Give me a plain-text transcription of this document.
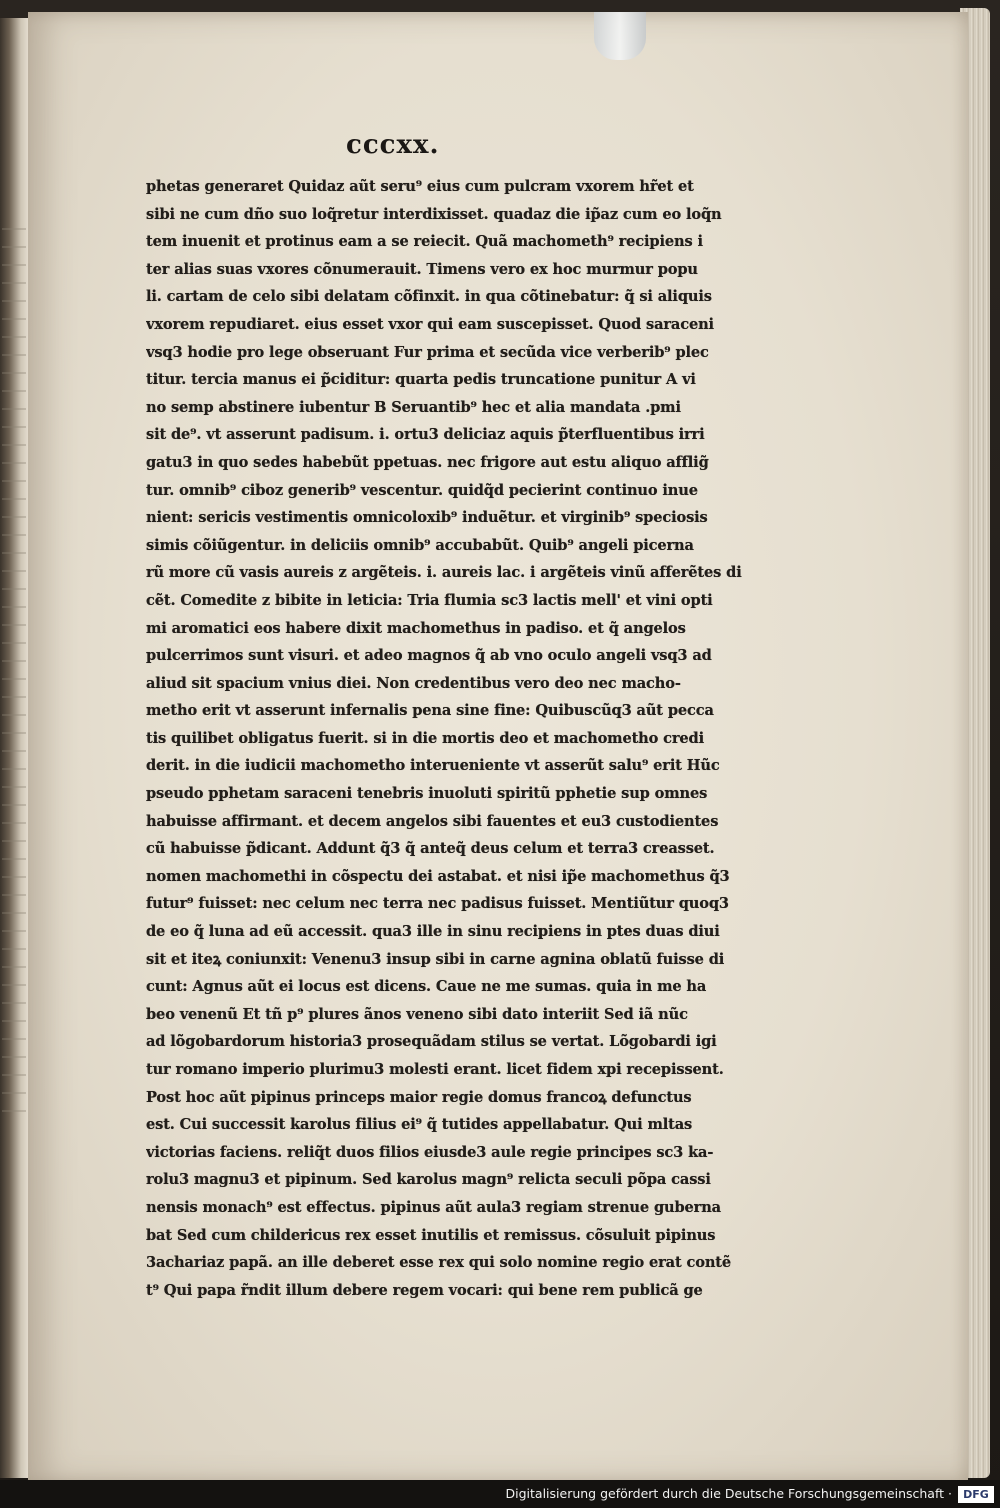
cccxx.
phetas generaret Quidaz aũt seru⁹ eius cum pulcram vxorem hr̃et et
sibi ne cum dño suo loq̃retur interdixisset. quadaz die ip̃az cum eo loq̃n
tem inuenit et protinus eam a se reiecit. Quã machometh⁹ recipiens i
ter alias suas vxores cõnumerauit. Timens vero ex hoc murmur popu
li. cartam de celo sibi delatam cõfinxit. in qua cõtinebatur: q̃ si aliquis
vxorem repudiaret. eius esset vxor qui eam suscepisset. Quod saraceni
vsq3 hodie pro lege obseruant Fur prima et secũda vice verberib⁹ plec
titur. tercia manus ei p̃ciditur: quarta pedis truncatione punitur A vi
no semp abstinere iubentur B Seruantib⁹ hec et alia mandata .pmi
sit de⁹. vt asserunt padisum. i. ortu3 deliciaz aquis p̃terfluentibus irri
gatu3 in quo sedes habebũt ppetuas. nec frigore aut estu aliquo afflig̃
tur. omnib⁹ ciboz generib⁹ vescentur. quidq̃d pecierint continuo inue
nient: sericis vestimentis omnicoloxib⁹ induẽtur. et virginib⁹ speciosis
simis cõiũgentur. in deliciis omnib⁹ accubabũt. Quib⁹ angeli picerna
rũ more cũ vasis aureis z argẽteis. i. aureis lac. i argẽteis vinũ afferẽtes di
cẽt. Comedite z bibite in leticia: Tria flumia sc3 lactis mell' et vini opti
mi aromatici eos habere dixit machomethus in padiso. et q̃ angelos
pulcerrimos sunt visuri. et adeo magnos q̃ ab vno oculo angeli vsq3 ad
aliud sit spacium vnius diei. Non credentibus vero deo nec macho-
metho erit vt asserunt infernalis pena sine fine: Quibuscũq3 aũt pecca
tis quilibet obligatus fuerit. si in die mortis deo et machometho credi
derit. in die iudicii machometho interueniente vt asserũt salu⁹ erit Hũc
pseudo pphetam saraceni tenebris inuoluti spiritũ pphetie sup omnes
habuisse affirmant. et decem angelos sibi fauentes et eu3 custodientes
cũ habuisse p̃dicant. Addunt q̃3 q̃ anteq̃ deus celum et terra3 creasset.
nomen machomethi in cõspectu dei astabat. et nisi ip̃e machomethus q̃3
futur⁹ fuisset: nec celum nec terra nec padisus fuisset. Mentiũtur quoq3
de eo q̃ luna ad eũ accessit. qua3 ille in sinu recipiens in ptes duas diui
sit et iteꝝ coniunxit: Venenu3 insup sibi in carne agnina oblatũ fuisse di
cunt: Agnus aũt ei locus est dicens. Caue ne me sumas. quia in me ha
beo venenũ Et tñ p⁹ plures ãnos veneno sibi dato interiit Sed iã nũc
ad lõgobardorum historia3 prosequãdam stilus se vertat. Lõgobardi igi
tur romano imperio plurimu3 molesti erant. licet fidem xpi recepissent.
Post hoc aũt pipinus princeps maior regie domus francoꝝ defunctus
est. Cui successit karolus filius ei⁹ q̃ tutides appellabatur. Qui mltas
victorias faciens. reliq̃t duos filios eiusde3 aule regie principes sc3 ka-
rolu3 magnu3 et pipinum. Sed karolus magn⁹ relicta seculi põpa cassi
nensis monach⁹ est effectus. pipinus aũt aula3 regiam strenue guberna
bat Sed cum childericus rex esset inutilis et remissus. cõsuluit pipinus
3achariaz papã. an ille deberet esse rex qui solo nomine regio erat contẽ
t⁹ Qui papa r̃ndit illum debere regem vocari: qui bene rem publicã ge
Digitalisierung gefördert durch die Deutsche Forschungsgemeinschaft ·	DFG
